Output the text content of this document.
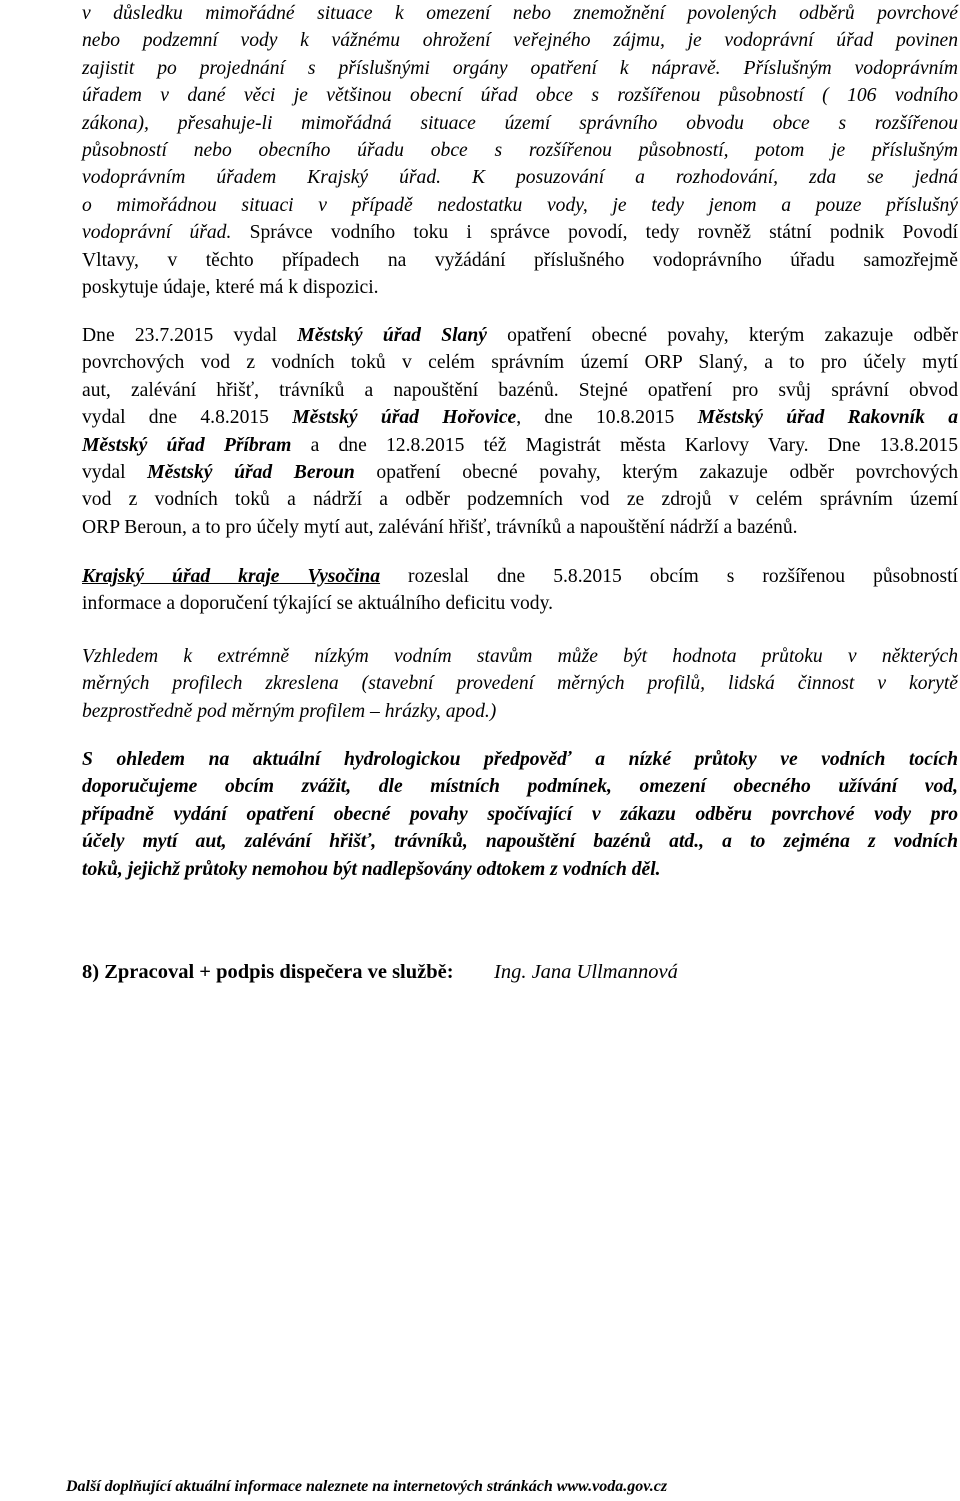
v důsledku mimořádné situace k omezení nebo znemožnění povolených odběrů povrchové
nebo podzemní vody k vážnému ohrožení veřejného zájmu, je vodoprávní úřad povinen
zajistit po projednání s příslušnými orgány opatření k nápravě. Příslušným vodoprávním
úřadem v dané věci je většinou obecní úřad obce s rozšířenou působností ( 106 vodního
zákona), přesahuje-li mimořádná situace území správního obvodu obce s rozšířenou
působností nebo obecního úřadu obce s rozšířenou působností, potom je příslušným
vodoprávním úřadem Krajský úřad. K posuzování a rozhodování, zda se jedná
o mimořádnou situaci v případě nedostatku vody, je tedy jenom a pouze příslušný
vodoprávní úřad. Správce vodního toku i správce povodí, tedy rovněž státní podnik Povodí
Vltavy, v těchto případech na vyžádání příslušného vodoprávního úřadu samozřejmě
poskytuje údaje, které má k dispozici.
Dne 23.7.2015 vydal Městský úřad Slaný opatření obecné povahy, kterým zakazuje odběr
povrchových vod z vodních toků v celém správním území ORP Slaný, a to pro účely mytí
aut, zalévání hřišť, trávníků a napouštění bazénů. Stejné opatření pro svůj správní obvod
vydal dne 4.8.2015 Městský úřad Hořovice, dne 10.8.2015 Městský úřad Rakovník a
Městský úřad Příbram a dne 12.8.2015 též Magistrát města Karlovy Vary. Dne 13.8.2015
vydal Městský úřad Beroun opatření obecné povahy, kterým zakazuje odběr povrchových
vod z vodních toků a nádrží a odběr podzemních vod ze zdrojů v celém správním území
ORP Beroun, a to pro účely mytí aut, zalévání hřišť, trávníků a napouštění nádrží a bazénů.
Krajský úřad kraje Vysočina rozeslal dne 5.8.2015 obcím s rozšířenou působností
informace a doporučení týkající se aktuálního deficitu vody.
Vzhledem k extrémně nízkým vodním stavům může být hodnota průtoku v některých
měrných profilech zkreslena (stavební provedení měrných profilů, lidská činnost v korytě
bezprostředně pod měrným profilem – hrázky, apod.)
S ohledem na aktuální hydrologickou předpověď a nízké průtoky ve vodních tocích
doporučujeme obcím zvážit, dle místních podmínek, omezení obecného užívání vod,
případně vydání opatření obecné povahy spočívající v zákazu odběru povrchové vody pro
účely mytí aut, zalévání hřišť, trávníků, napouštění bazénů atd., a to zejména z vodních
toků, jejichž průtoky nemohou být nadlepšovány odtokem z vodních děl.
8) Zpracoval + podpis dispečera ve službě: Ing. Jana Ullmannová
Další doplňující aktuální informace naleznete na internetových stránkách www.voda.gov.cz
